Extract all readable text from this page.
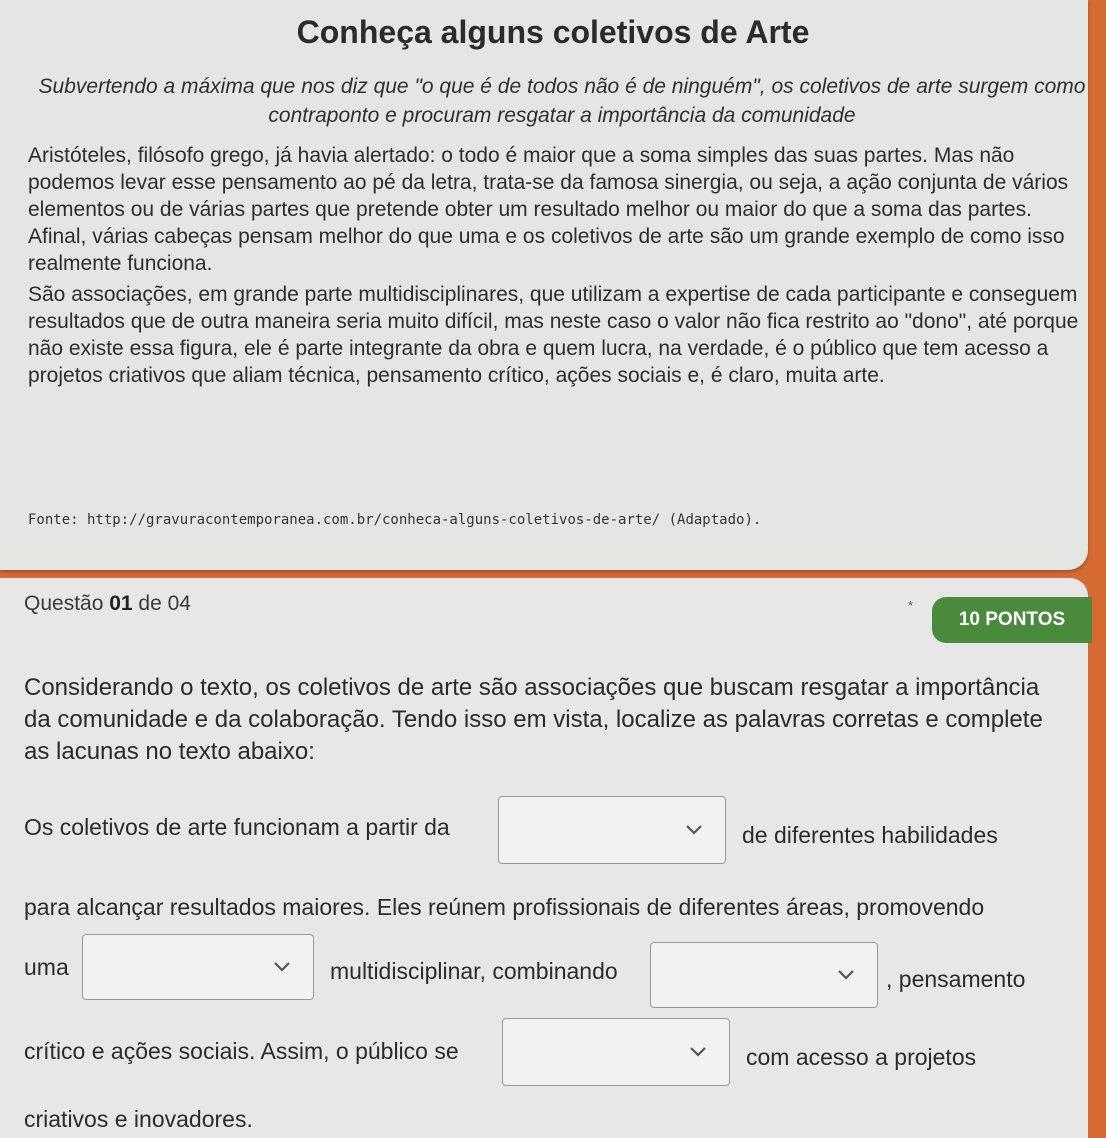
Conheça alguns coletivos de Arte
Subvertendo a máxima que nos diz que "o que é de todos não é de ninguém", os coletivos de arte surgem como contraponto e procuram resgatar a importância da comunidade

Aristóteles, filósofo grego, já havia alertado: o todo é maior que a soma simples das suas partes. Mas não podemos levar esse pensamento ao pé da letra, trata-se da famosa sinergia, ou seja, a ação conjunta de vários elementos ou de várias partes que pretende obter um resultado melhor ou maior do que a soma das partes. Afinal, várias cabeças pensam melhor do que uma e os coletivos de arte são um grande exemplo de como isso realmente funciona.

São associações, em grande parte multidisciplinares, que utilizam a expertise de cada participante e conseguem resultados que de outra maneira seria muito difícil, mas neste caso o valor não fica restrito ao "dono", até porque não existe essa figura, ele é parte integrante da obra e quem lucra, na verdade, é o público que tem acesso a projetos criativos que aliam técnica, pensamento crítico, ações sociais e, é claro, muita arte.

Fonte: http://gravuracontemporanea.com.br/conheca-alguns-coletivos-de-arte/ (Adaptado).
Questão 01 de 04	*
10 PONTOS
Considerando o texto, os coletivos de arte são associações que buscam resgatar a importância da comunidade e da colaboração. Tendo isso em vista, localize as palavras corretas e complete as lacunas no texto abaixo:
Os coletivos de arte funcionam a partir da	de diferentes habilidades
para alcançar resultados maiores. Eles reúnem profissionais de diferentes áreas, promovendo
uma	multidisciplinar, combinando	, pensamento
crítico e ações sociais. Assim, o público se	com acesso a projetos
criativos e inovadores.
